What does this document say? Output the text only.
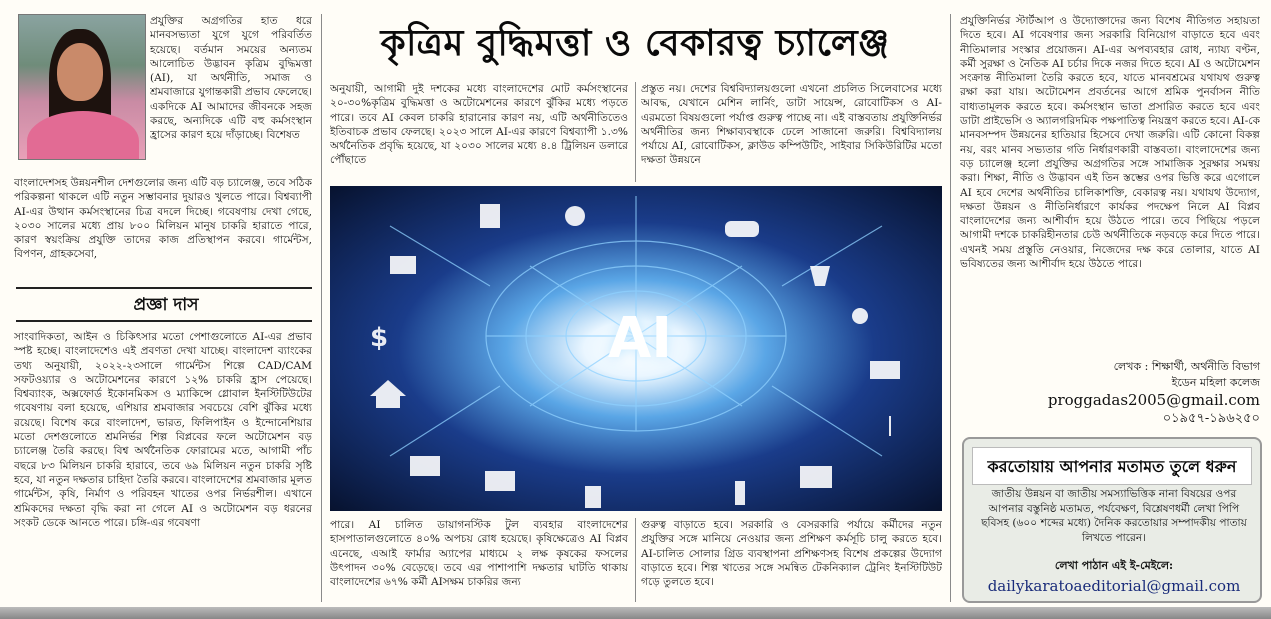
প্রযুক্তির অগ্রগতির হাত ধরে মানবসভ্যতা যুগে যুগে পরিবর্তিত হয়েছে। বর্তমান সময়ের অন্যতম আলোচিত উদ্ভাবন কৃত্রিম বুদ্ধিমত্তা (AI), যা অর্থনীতি, সমাজ ও শ্রমবাজারে যুগান্তকারী প্রভাব ফেলেছে। একদিকে AI আমাদের জীবনকে সহজ করছে, অন্যদিকে এটি বহু কর্মসংস্থান হ্রাসের কারণ হয়ে দাঁড়াচ্ছে। বিশেষত
বাংলাদেশসহ উন্নয়নশীল দেশগুলোর জন্য এটি বড় চ্যালেঞ্জ, তবে সঠিক পরিকল্পনা থাকলে এটি নতুন সম্ভাবনার দুয়ারও খুলতে পারে। বিশ্বব্যাপী AI-এর উত্থান কর্মসংস্থানের চিত্র বদলে দিচ্ছে। গবেষণায় দেখা গেছে, ২০৩০ সালের মধ্যে প্রায় ৮০০ মিলিয়ন মানুষ চাকরি হারাতে পারে, কারণ স্বয়ংক্রিয় প্রযুক্তি তাদের কাজ প্রতিস্থাপন করবে। গার্মেন্টস, বিপণন, গ্রাহকসেবা,
প্রজ্ঞা দাস
সাংবাদিকতা, আইন ও চিকিৎসার মতো পেশাগুলোতে AI-এর প্রভাব স্পষ্ট হচ্ছে। বাংলাদেশেও এই প্রবণতা দেখা যাচ্ছে। বাংলাদেশ ব্যাংকের তথ্য অনুযায়ী, ২০২২-২৩সালে গার্মেন্টস শিল্পে CAD/CAM সফটওয়্যার ও অটোমেশনের কারণে ১২% চাকরি হ্রাস পেয়েছে। বিশ্বব্যাংক, অক্সফোর্ড ইকোনমিকস ও ম্যাকিন্সে গ্লোবাল ইনস্টিটিউটের গবেষণায় বলা হয়েছে, এশিয়ার শ্রমবাজার সবচেয়ে বেশি ঝুঁকির মধ্যে রয়েছে। বিশেষ করে বাংলাদেশ, ভারত, ফিলিপাইন ও ইন্দোনেশিয়ার মতো দেশগুলোতে শ্রমনির্ভর শিল্প বিপ্লবের ফলে অটোমেশন বড় চ্যালেঞ্জ তৈরি করছে। বিশ্ব অর্থনৈতিক ফোরামের মতে, আগামী পাঁচ বছরে ৮৩ মিলিয়ন চাকরি হারাবে, তবে ৬৯ মিলিয়ন নতুন চাকরি সৃষ্টি হবে, যা নতুন দক্ষতার চাহিদা তৈরি করবে। বাংলাদেশের শ্রমবাজার মূলত গার্মেন্টস, কৃষি, নির্মাণ ও পরিবহন খাতের ওপর নির্ভরশীল। এখানে শ্রমিকদের দক্ষতা বৃদ্ধি করা না গেলে AI ও অটোমেশন বড় ধরনের সংকট ডেকে আনতে পারে। চঙ্গি-এর গবেষণা
কৃত্রিম বুদ্ধিমত্তা ও বেকারত্ব চ্যালেঞ্জ
অনুযায়ী, আগামী দুই দশকের মধ্যে বাংলাদেশের মোট কর্মসংস্থানের ২০-৩০%কৃত্রিম বুদ্ধিমত্তা ও অটোমেশনের কারণে ঝুঁকির মধ্যে পড়তে পারে। তবে AI কেবল চাকরি হারানোর কারণ নয়, এটি অর্থনীতিতেও ইতিবাচক প্রভাব ফেলছে। ২০২৩ সালে AI-এর কারণে বিশ্বব্যাপী ১.৩% অর্থনৈতিক প্রবৃদ্ধি হয়েছে, যা ২০৩০ সালের মধ্যে ৪.৪ ট্রিলিয়ন ডলারে পৌঁছাতে
প্রস্তুত নয়। দেশের বিশ্ববিদ্যালয়গুলো এখনো প্রচলিত সিলেবাসের মধ্যে আবদ্ধ, যেখানে মেশিন লার্নিং, ডাটা সায়েন্স, রোবোটিকস ও AI-এরমতো বিষয়গুলো পর্যাপ্ত গুরুত্ব পাচ্ছে না। এই বাস্তবতায় প্রযুক্তিনির্ভর অর্থনীতির জন্য শিক্ষাব্যবস্থাকে ঢেলে সাজানো জরুরি। বিশ্ববিদ্যালয় পর্যায়ে AI, রোবোটিকস, ক্লাউড কম্পিউটিং, সাইবার সিকিউরিটির মতো দক্ষতা উন্নয়নে
$	AI
পারে। AI চালিত ডায়াগনস্টিক টুল ব্যবহার বাংলাদেশের হাসপাতালগুলোতে ৪০% অপচয় রোধ হয়েছে। কৃষিক্ষেত্রেও AI বিপ্লব এনেছে, এআই ফার্মার অ্যাপের মাধ্যমে ২ লক্ষ কৃষকের ফসলের উৎপাদন ৩০% বেড়েছে। তবে এর পাশাপাশি দক্ষতার ঘাটতি থাকায় বাংলাদেশের ৬৭% কর্মী AIসক্ষম চাকরির জন্য
গুরুত্ব বাড়াতে হবে। সরকারি ও বেসরকারি পর্যায়ে কর্মীদের নতুন প্রযুক্তির সঙ্গে মানিয়ে নেওয়ার জন্য প্রশিক্ষণ কর্মসূচি চালু করতে হবে। AI-চালিত সোলার গ্রিড ব্যবস্থাপনা প্রশিক্ষণসহ বিশেষ প্রকল্পের উদ্যোগ বাড়াতে হবে। শিল্প খাতের সঙ্গে সমন্বিত টেকনিক্যাল ট্রেনিং ইনস্টিটিউট গড়ে তুলতে হবে।
প্রযুক্তিনির্ভর স্টার্টআপ ও উদ্যোক্তাদের জন্য বিশেষ নীতিগত সহায়তা দিতে হবে। AI গবেষণার জন্য সরকারি বিনিয়োগ বাড়াতে হবে এবং নীতিমালার সংস্কার প্রয়োজন। AI-এর অপব্যবহার রোধ, ন্যায্য বণ্টন, কর্মী সুরক্ষা ও নৈতিক AI চর্চার দিকে নজর দিতে হবে। AI ও অটোমেশন সংক্রান্ত নীতিমালা তৈরি করতে হবে, যাতে মানবশ্রমের যথাযথ গুরুত্ব রক্ষা করা যায়। অটোমেশন প্রবর্তনের আগে শ্রমিক পুনর্বাসন নীতি বাধ্যতামূলক করতে হবে। কর্মসংস্থান ভাতা প্রসারিত করতে হবে এবং ডাটা প্রাইভেসি ও অ্যালগরিদমিক পক্ষপাতিত্ব নিয়ন্ত্রণ করতে হবে। AI-কে মানবসম্পদ উন্নয়নের হাতিয়ার হিসেবে দেখা জরুরি। এটি কোনো বিকল্প নয়, বরং মানব সভ্যতার গতি নির্ধারণকারী বাস্তবতা। বাংলাদেশের জন্য বড় চ্যালেঞ্জ হলো প্রযুক্তির অগ্রগতির সঙ্গে সামাজিক সুরক্ষার সমন্বয় করা। শিক্ষা, নীতি ও উদ্ভাবন এই তিন স্তম্ভের ওপর ভিত্তি করে এগোলে AI হবে দেশের অর্থনীতির চালিকাশক্তি, বেকারত্ব নয়। যথাযথ উদ্যোগ, দক্ষতা উন্নয়ন ও নীতিনির্ধারণে কার্যকর পদক্ষেপ নিলে AI বিপ্লব বাংলাদেশের জন্য আশীর্বাদ হয়ে উঠতে পারে। তবে পিছিয়ে পড়লে আগামী দশকে চাকরিহীনতার চেউ অর্থনীতিকে নড়বড়ে করে দিতে পারে। এখনই সময় প্রস্তুতি নেওয়ার, নিজেদের দক্ষ করে তোলার, যাতে AI ভবিষ্যতের জন্য আশীর্বাদ হয়ে উঠতে পারে।
লেখক : শিক্ষার্থী, অর্থনীতি বিভাগ
ইডেন মহিলা কলেজ
proggadas2005@gmail.com
০১৯৫৭-১৯৬২৫০
করতোয়ায় আপনার মতামত তুলে ধরুন
জাতীয় উন্নয়ন বা জাতীয় সমস্যাভিত্তিক নানা বিষয়ের ওপর আপনার বস্তুনিষ্ঠ মতামত, পর্যবেক্ষণ, বিশ্লেষণধর্মী লেখা পিপি ছবিসহ (৬০০ শব্দের মধ্যে) দৈনিক করতোয়ার সম্পাদকীয় পাতায় লিখতে পারেন।
লেখা পাঠান এই ই-মেইলে:
dailykaratoaeditorial@gmail.com
